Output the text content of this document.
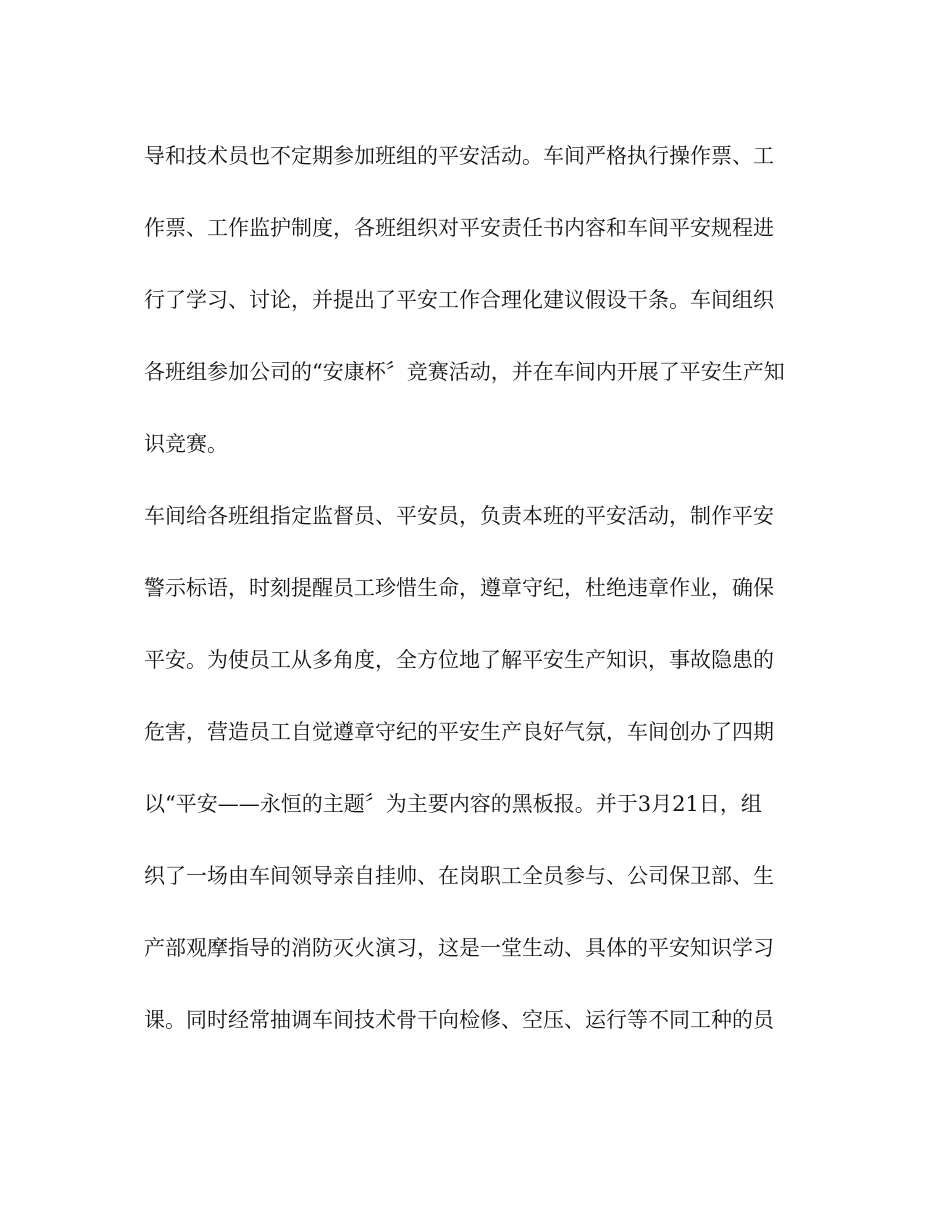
导和技术员也不定期参加班组的平安活动。车间严格执行操作票、工
作票、工作监护制度，各班组织对平安责任书内容和车间平安规程进
行了学习、讨论，并提出了平安工作合理化建议假设干条。车间组织
各班组参加公司的“安康杯〞竞赛活动，并在车间内开展了平安生产知
识竞赛。
车间给各班组指定监督员、平安员，负责本班的平安活动，制作平安
警示标语，时刻提醒员工珍惜生命，遵章守纪，杜绝违章作业，确保
平安。为使员工从多角度，全方位地了解平安生产知识，事故隐患的
危害，营造员工自觉遵章守纪的平安生产良好气氛，车间创办了四期
以“平安——永恒的主题〞为主要内容的黑板报。并于3月21日，组
织了一场由车间领导亲自挂帅、在岗职工全员参与、公司保卫部、生
产部观摩指导的消防灭火演习，这是一堂生动、具体的平安知识学习
课。同时经常抽调车间技术骨干向检修、空压、运行等不同工种的员
